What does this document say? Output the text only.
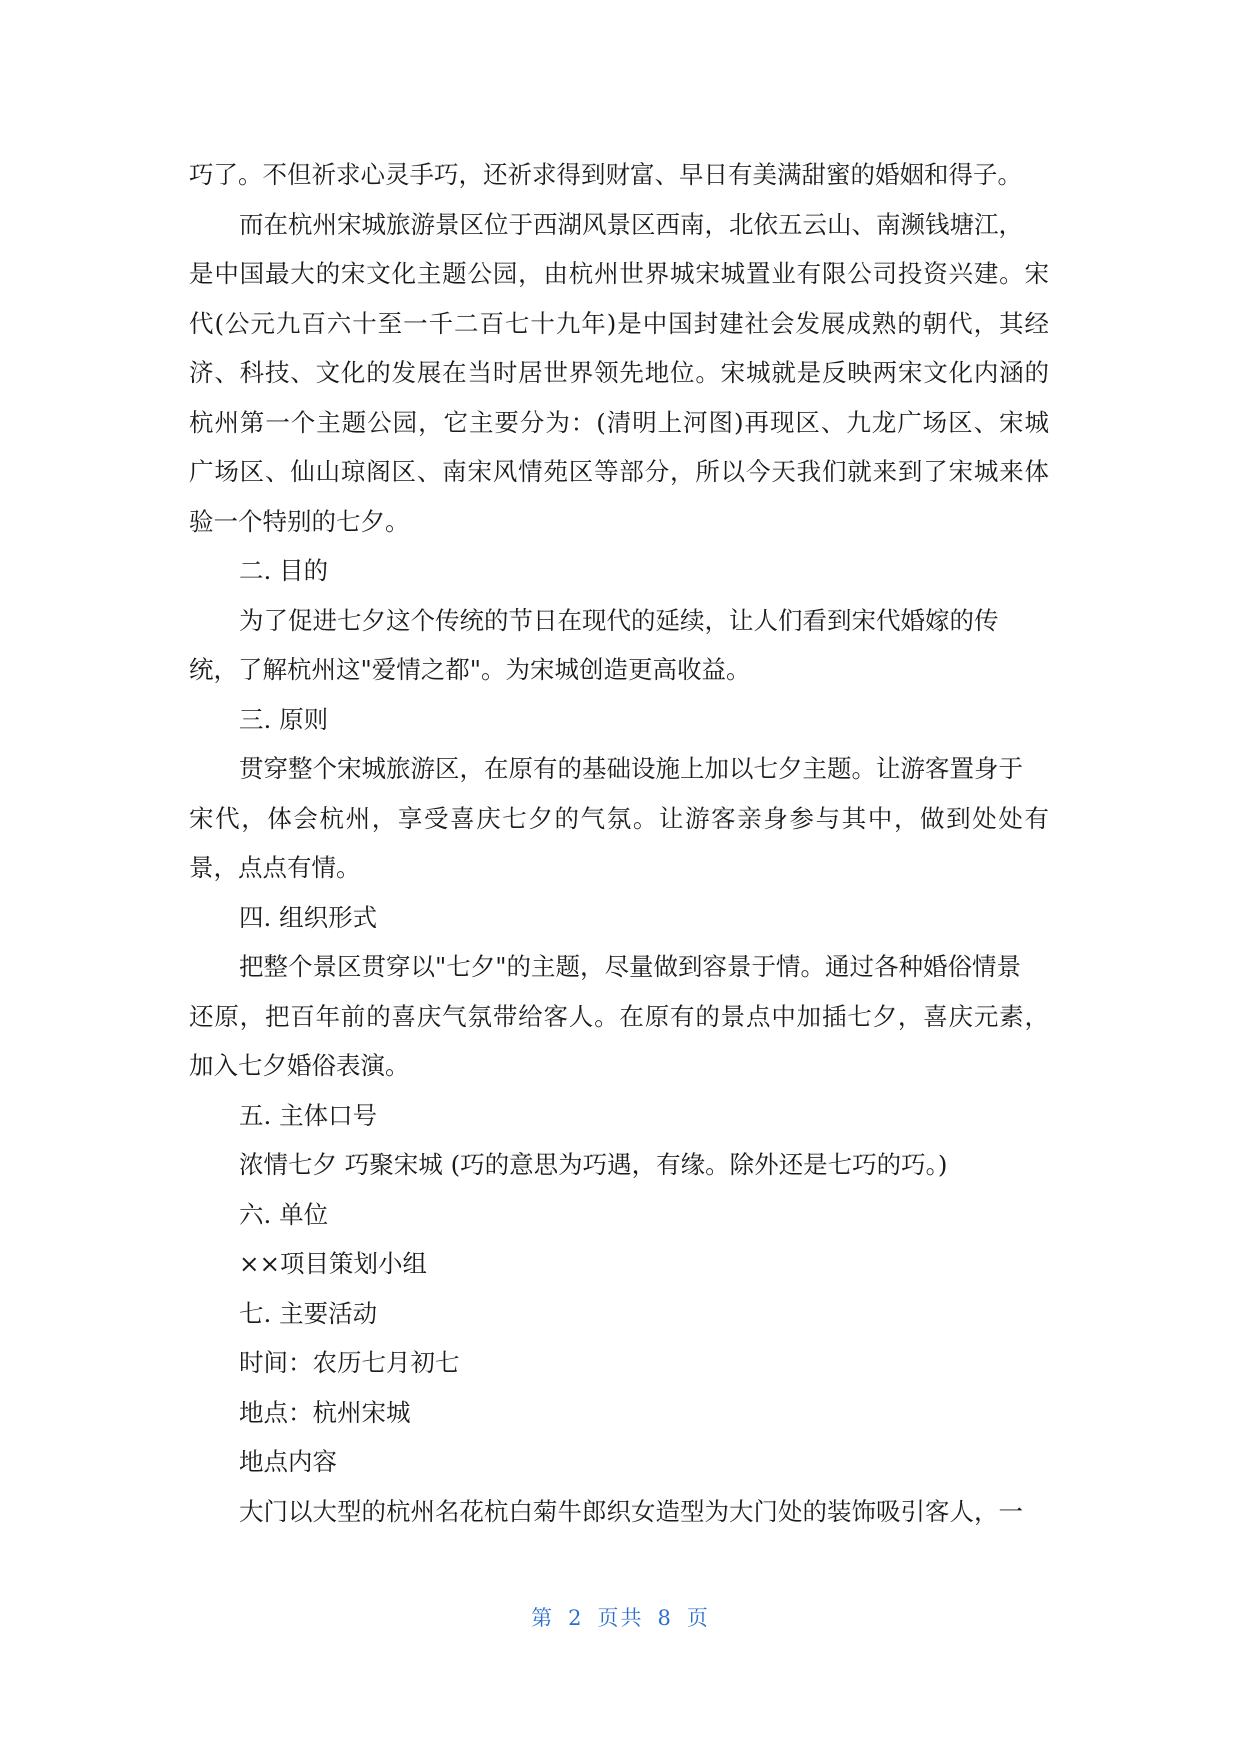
巧了。不但祈求心灵手巧，还祈求得到财富、早日有美满甜蜜的婚姻和得子。
而在杭州宋城旅游景区位于西湖风景区西南，北依五云山、南濒钱塘江，
是中国最大的宋文化主题公园，由杭州世界城宋城置业有限公司投资兴建。宋
代(公元九百六十至一千二百七十九年)是中国封建社会发展成熟的朝代，其经
济、科技、文化的发展在当时居世界领先地位。宋城就是反映两宋文化内涵的
杭州第一个主题公园，它主要分为：(清明上河图)再现区、九龙广场区、宋城
广场区、仙山琼阁区、南宋风情苑区等部分，所以今天我们就来到了宋城来体
验一个特别的七夕。
二. 目的
为了促进七夕这个传统的节日在现代的延续，让人们看到宋代婚嫁的传
统，了解杭州这"爱情之都"。为宋城创造更高收益。
三. 原则
贯穿整个宋城旅游区，在原有的基础设施上加以七夕主题。让游客置身于
宋代，体会杭州，享受喜庆七夕的气氛。让游客亲身参与其中，做到处处有
景，点点有情。
四. 组织形式
把整个景区贯穿以"七夕"的主题，尽量做到容景于情。通过各种婚俗情景
还原，把百年前的喜庆气氛带给客人。在原有的景点中加插七夕，喜庆元素，
加入七夕婚俗表演。
五. 主体口号
浓情七夕 巧聚宋城 (巧的意思为巧遇，有缘。除外还是七巧的巧。)
六. 单位
××项目策划小组
七. 主要活动
时间：农历七月初七
地点：杭州宋城
地点内容
大门以大型的杭州名花杭白菊牛郎织女造型为大门处的装饰吸引客人，一
第 2 页共 8 页
